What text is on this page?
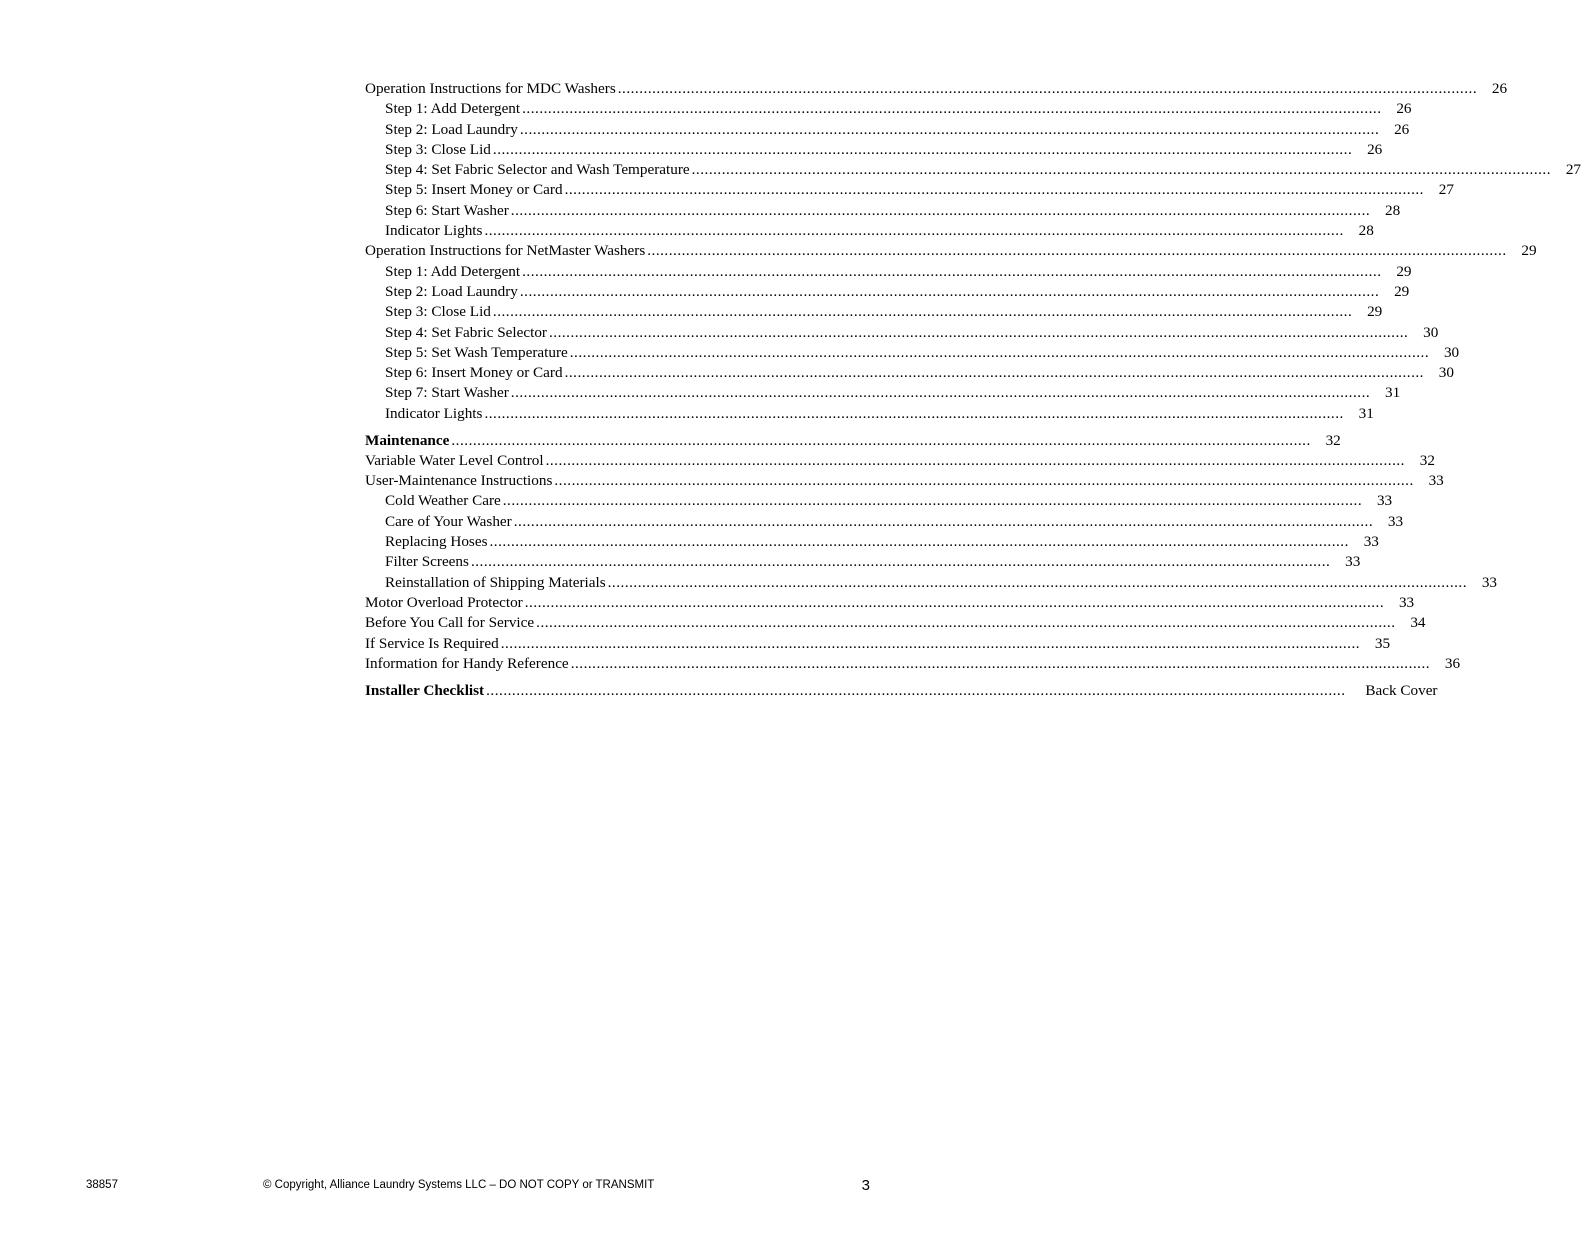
Operation Instructions for MDC Washers ........................................................................................................................................................................................................ 26
Step 1: Add Detergent ........................................................................................................................................................................................................ 26
Step 2: Load Laundry ........................................................................................................................................................................................................ 26
Step 3: Close Lid ........................................................................................................................................................................................................ 26
Step 4: Set Fabric Selector and Wash Temperature ........................................................................................................................................................................................................ 27
Step 5: Insert Money or Card ........................................................................................................................................................................................................ 27
Step 6: Start Washer ........................................................................................................................................................................................................ 28
Indicator Lights ........................................................................................................................................................................................................ 28
Operation Instructions for NetMaster Washers ........................................................................................................................................................................................................ 29
Step 1: Add Detergent ........................................................................................................................................................................................................ 29
Step 2: Load Laundry ........................................................................................................................................................................................................ 29
Step 3: Close Lid ........................................................................................................................................................................................................ 29
Step 4: Set Fabric Selector ........................................................................................................................................................................................................ 30
Step 5: Set Wash Temperature ........................................................................................................................................................................................................ 30
Step 6: Insert Money or Card ........................................................................................................................................................................................................ 30
Step 7: Start Washer ........................................................................................................................................................................................................ 31
Indicator Lights ........................................................................................................................................................................................................ 31
Maintenance ........................................................................................................................................................................................................ 32
Variable Water Level Control ........................................................................................................................................................................................................ 32
User-Maintenance Instructions ........................................................................................................................................................................................................ 33
Cold Weather Care ........................................................................................................................................................................................................ 33
Care of Your Washer ........................................................................................................................................................................................................ 33
Replacing Hoses ........................................................................................................................................................................................................ 33
Filter Screens ........................................................................................................................................................................................................ 33
Reinstallation of Shipping Materials ........................................................................................................................................................................................................ 33
Motor Overload Protector ........................................................................................................................................................................................................ 33
Before You Call for Service ........................................................................................................................................................................................................ 34
If Service Is Required ........................................................................................................................................................................................................ 35
Information for Handy Reference ........................................................................................................................................................................................................ 36
Installer Checklist ........................................................................................................................................................................................................	Back Cover
38857	© Copyright, Alliance Laundry Systems LLC – DO NOT COPY or TRANSMIT	3
